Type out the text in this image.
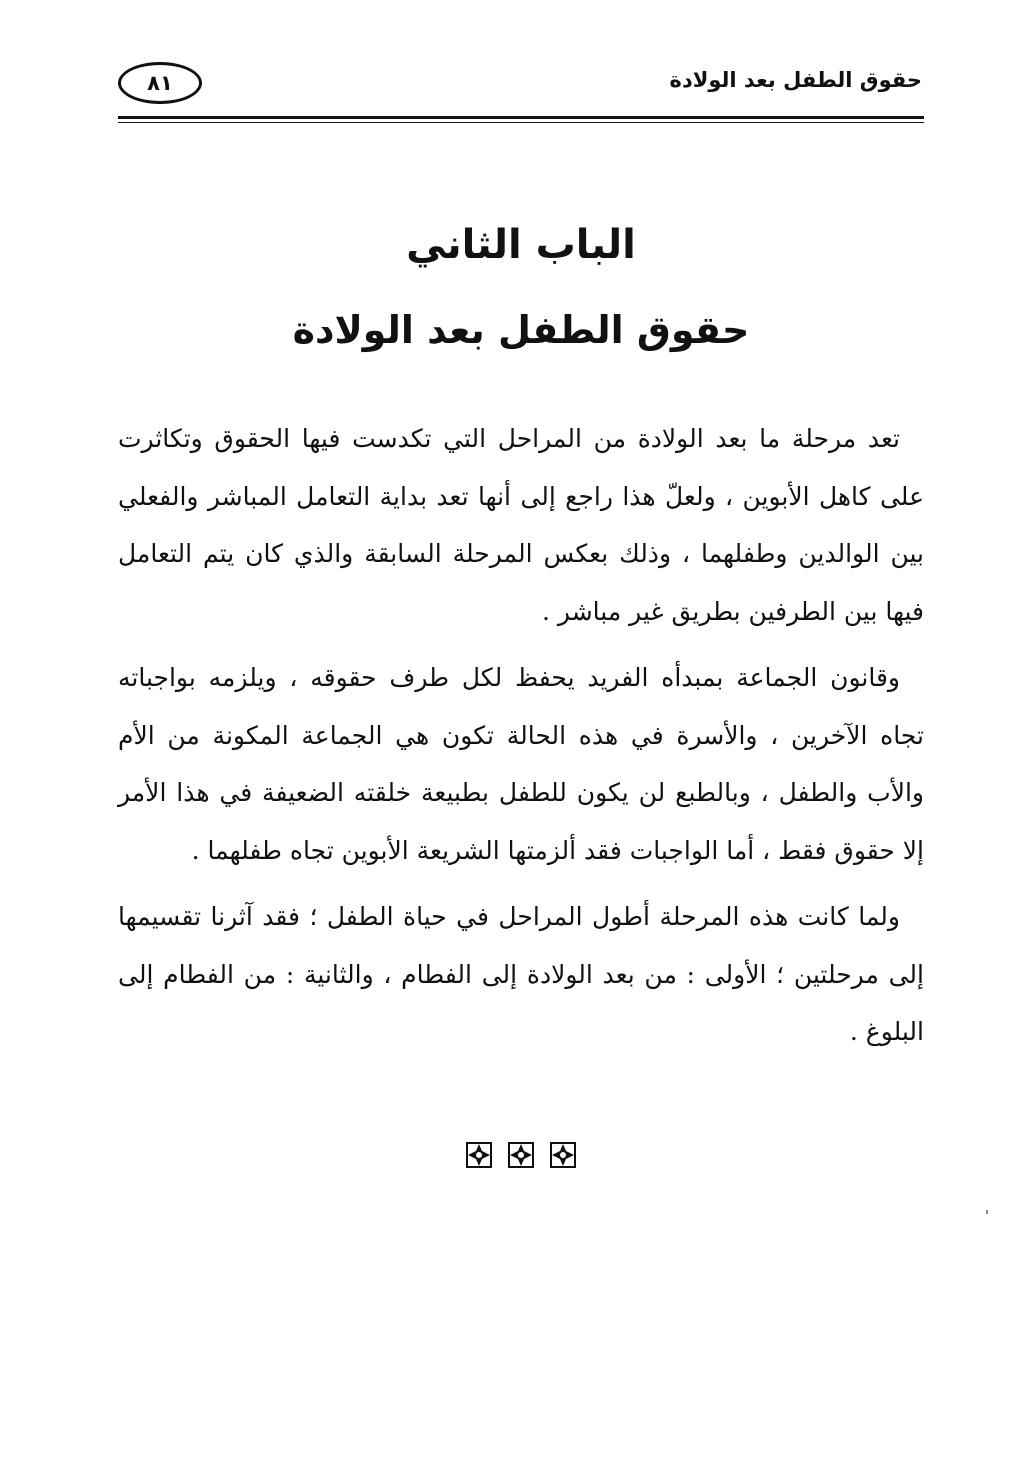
حقوق الطفل بعد الولادة
٨١
الباب الثاني
حقوق الطفل بعد الولادة

تعد مرحلة ما بعد الولادة من المراحل التي تكدست فيها الحقوق وتكاثرت على كاهل الأبوين ، ولعلّ هذا راجع إلى أنها تعد بداية التعامل المباشر والفعلي بين الوالدين وطفلهما ، وذلك بعكس المرحلة السابقة والذي كان يتم التعامل فيها بين الطرفين بطريق غير مباشر .

وقانون الجماعة بمبدأه الفريد يحفظ لكل طرف حقوقه ، ويلزمه بواجباته تجاه الآخرين ، والأسرة في هذه الحالة تكون هي الجماعة المكونة من الأم والأب والطفل ، وبالطبع لن يكون للطفل بطبيعة خلقته الضعيفة في هذا الأمر إلا حقوق فقط ، أما الواجبات فقد ألزمتها الشريعة الأبوين تجاه طفلهما .

ولما كانت هذه المرحلة أطول المراحل في حياة الطفل ؛ فقد آثرنا تقسيمها إلى مرحلتين ؛ الأولى : من بعد الولادة إلى الفطام ، والثانية : من الفطام إلى البلوغ .
